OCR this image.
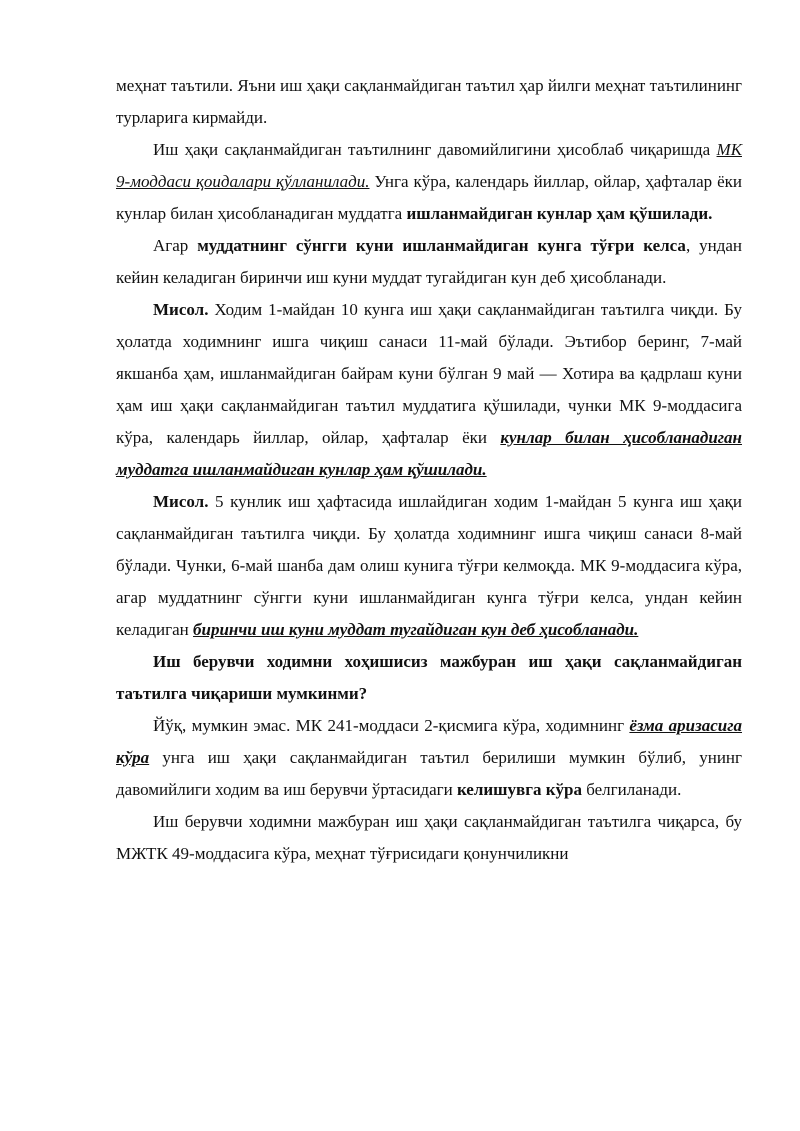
меҳнат таътили. Яъни иш ҳақи сақланмайдиган таътил ҳар йилги меҳнат таътилининг турларига кирмайди.
Иш ҳақи сақланмайдиган таътилнинг давомийлигини ҳисоблаб чиқаришда МК 9-моддаси қоидалари қўлланилади. Унга кўра, календарь йиллар, ойлар, ҳафталар ёки кунлар билан ҳисобланадиган муддатга ишланмайдиган кунлар ҳам қўшилади.
Агар муддатнинг сўнгги куни ишланмайдиган кунга тўғри келса, ундан кейин келадиган биринчи иш куни муддат тугайдиган кун деб ҳисобланади.
Мисол. Ходим 1-майдан 10 кунга иш ҳақи сақланмайдиган таътилга чиқди. Бу ҳолатда ходимнинг ишга чиқиш санаси 11-май бўлади. Эътибор беринг, 7-май якшанба ҳам, ишланмайдиган байрам куни бўлган 9 май — Хотира ва қадрлаш куни ҳам иш ҳақи сақланмайдиган таътил муддатига қўшилади, чунки МК 9-моддасига кўра, календарь йиллар, ойлар, ҳафталар ёки кунлар билан ҳисобланадиган муддатга ишланмайдиган кунлар ҳам қўшилади.
Мисол. 5 кунлик иш ҳафтасида ишлайдиган ходим 1-майдан 5 кунга иш ҳақи сақланмайдиган таътилга чиқди. Бу ҳолатда ходимнинг ишга чиқиш санаси 8-май бўлади. Чунки, 6-май шанба дам олиш кунига тўғри келмоқда. МК 9-моддасига кўра, агар муддатнинг сўнгги куни ишланмайдиган кунга тўғри келса, ундан кейин келадиган биринчи иш куни муддат тугайдиган кун деб ҳисобланади.
Иш берувчи ходимни хоҳишисиз мажбуран иш ҳақи сақланмайдиган таътилга чиқариши мумкинми?
Йўқ, мумкин эмас. МК 241-моддаси 2-қисмига кўра, ходимнинг ёзма аризасига кўра унга иш ҳақи сақланмайдиган таътил берилиши мумкин бўлиб, унинг давомийлиги ходим ва иш берувчи ўртасидаги келишувга кўра белгиланади.
Иш берувчи ходимни мажбуран иш ҳақи сақланмайдиган таътилга чиқарса, бу МЖТК 49-моддасига кўра, меҳнат тўғрисидаги қонунчиликни
